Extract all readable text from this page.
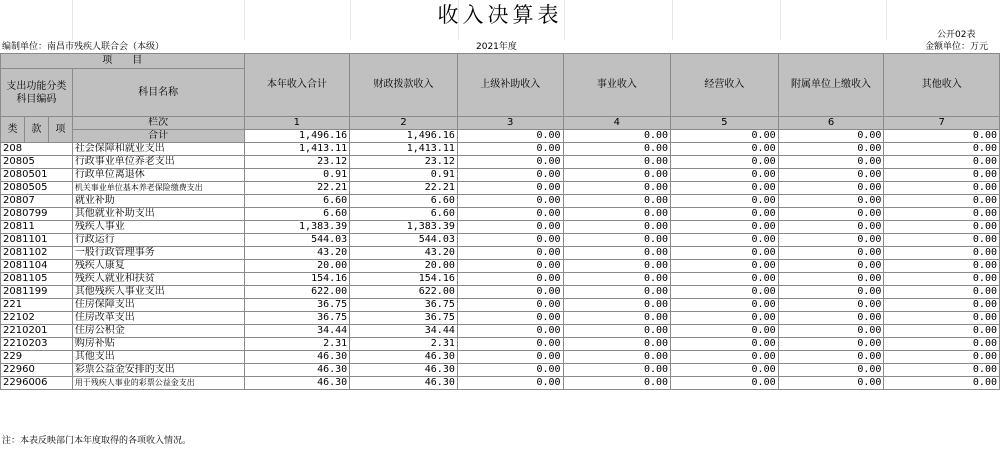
收入决算表
公开02表
编制单位：南昌市残疾人联合会（本级）	2021年度	金额单位：万元
项　　目				本年收入合计	财政拨款收入	上级补助收入	事业收入	经营收入	附属单位上缴收入	其他收入
支出功能分类科目编码			科目名称							
类	款	项	栏次	1	2	3	4	5	6	7
			合计	1,496.16	1,496.16	0.00	0.00	0.00	0.00	0.00
208			社会保障和就业支出	1,413.11	1,413.11	0.00	0.00	0.00	0.00	0.00
20805			行政事业单位养老支出	23.12	23.12	0.00	0.00	0.00	0.00	0.00
2080501			行政单位离退休	0.91	0.91	0.00	0.00	0.00	0.00	0.00
2080505			机关事业单位基本养老保险缴费支出	22.21	22.21	0.00	0.00	0.00	0.00	0.00
20807			就业补助	6.60	6.60	0.00	0.00	0.00	0.00	0.00
2080799			其他就业补助支出	6.60	6.60	0.00	0.00	0.00	0.00	0.00
20811			残疾人事业	1,383.39	1,383.39	0.00	0.00	0.00	0.00	0.00
2081101			行政运行	544.03	544.03	0.00	0.00	0.00	0.00	0.00
2081102			一般行政管理事务	43.20	43.20	0.00	0.00	0.00	0.00	0.00
2081104			残疾人康复	20.00	20.00	0.00	0.00	0.00	0.00	0.00
2081105			残疾人就业和扶贫	154.16	154.16	0.00	0.00	0.00	0.00	0.00
2081199			其他残疾人事业支出	622.00	622.00	0.00	0.00	0.00	0.00	0.00
221			住房保障支出	36.75	36.75	0.00	0.00	0.00	0.00	0.00
22102			住房改革支出	36.75	36.75	0.00	0.00	0.00	0.00	0.00
2210201			住房公积金	34.44	34.44	0.00	0.00	0.00	0.00	0.00
2210203			购房补贴	2.31	2.31	0.00	0.00	0.00	0.00	0.00
229			其他支出	46.30	46.30	0.00	0.00	0.00	0.00	0.00
22960			彩票公益金安排的支出	46.30	46.30	0.00	0.00	0.00	0.00	0.00
2296006			用于残疾人事业的彩票公益金支出	46.30	46.30	0.00	0.00	0.00	0.00	0.00
注：本表反映部门本年度取得的各项收入情况。
